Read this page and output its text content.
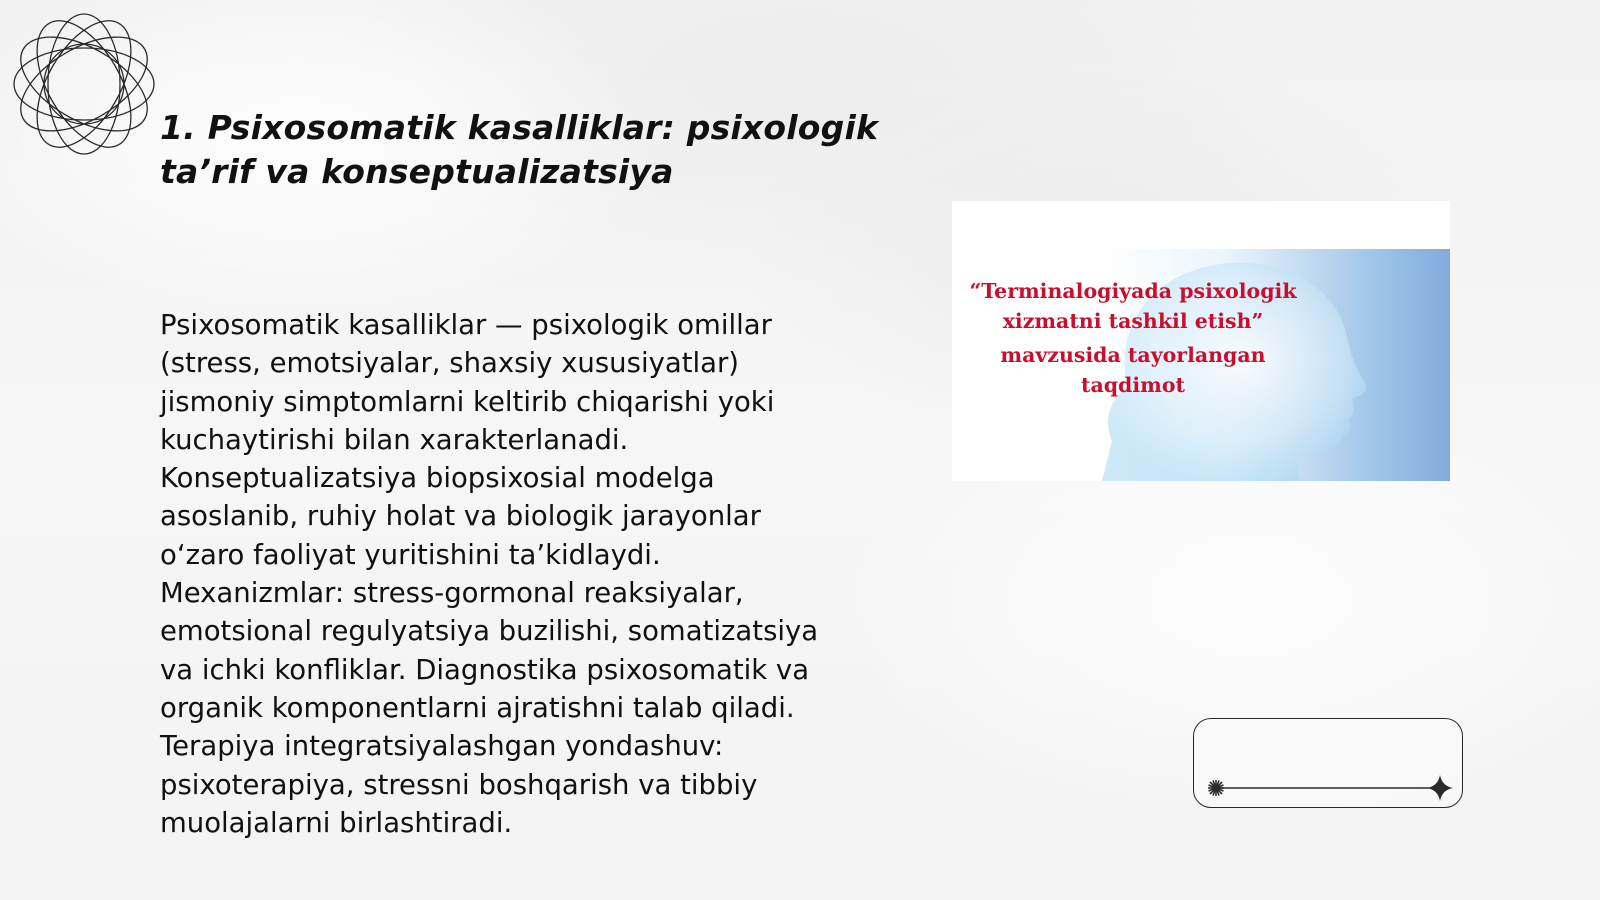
1. Psixosomatik kasalliklar: psixologik ta’rif va konseptualizatsiya

Psixosomatik kasalliklar — psixologik omillar (stress, emotsiyalar, shaxsiy xususiyatlar) jismoniy simptomlarni keltirib chiqarishi yoki kuchaytirishi bilan xarakterlanadi. Konseptualizatsiya biopsixosial modelga asoslanib, ruhiy holat va biologik jarayonlar o‘zaro faoliyat yuritishini ta’kidlaydi. Mexanizmlar: stress-gormonal reaksiyalar, emotsional regulyatsiya buzilishi, somatizatsiya va ichki konfliklar. Diagnostika psixosomatik va organik komponentlarni ajratishni talab qiladi. Terapiya integratsiyalashgan yondashuv: psixoterapiya, stressni boshqarish va tibbiy muolajalarni birlashtiradi.

“Terminalogiyada psixologik
xizmatni tashkil etish”
mavzusida tayorlangan
taqdimot
